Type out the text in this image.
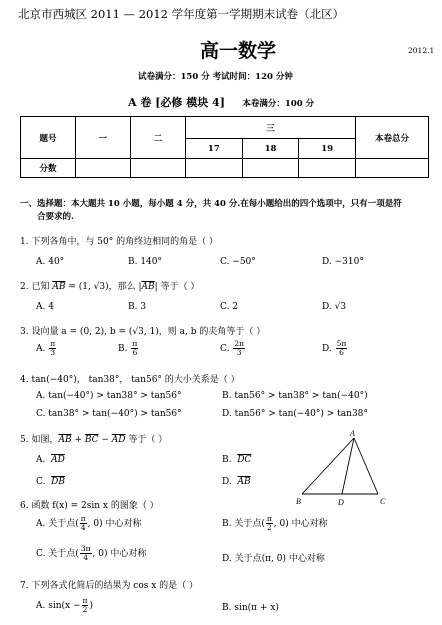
北京市西城区 2011 — 2012 学年度第一学期期末试卷（北区）
高一数学	2012.1
试卷满分：150 分 考试时间：120 分钟
A 卷 [必修 模块 4] 本卷满分：100 分
题号	一	二	三			本卷总分
			17	18	19	
分数						
一、选择题：本大题共 10 小题，每小题 4 分，共 40 分.在每小题给出的四个选项中，只有一项是符
合要求的.
1. 下列各角中，与 50° 的角终边相同的角是（ ）
A. 40°	B. 140°	C. −50°	D. −310°
2. 已知 $\overline{AB} = (1$, √3)，那么 $|\overline{AB}|$ 等于（ ）
A. 4	B. 3	C. 2	D. √3
3. 设向量 a = (0, 2), b = (√3, 1)，则 a, b 的夹角等于（ ）
A. $\frac{\pi}{3}$	B. $\frac{\pi}{6}$	C. $\frac{2\pi}{3}$	D. $\frac{5\pi}{6}$
4. tan(−40°)， tan38°， tan56° 的大小关系是（ ）
A. tan(−40°) > tan38° > tan56°	B. tan56° > tan38° > tan(−40°)
C. tan38° > tan(−40°) > tan56°	D. tan56° > tan(−40°) > tan38°
5. 如图，$\overline{AB} + \overline{BC} - \overline{AD}$ 等于（ ）
A. $\overline{AD}$	B. $\overline{DC}$
C. $\overline{DB}$	D. $\overline{AB}$
A
B	D	C
6. 函数 f(x) = 2sin x 的图象（ ）
A. 关于点( $\frac{\pi}{4}$ , 0) 中心对称	B. 关于点( $\frac{\pi}{2}$ , 0) 中心对称
C. 关于点( $\frac{3\pi}{4}$ , 0) 中心对称
D. 关于点(π, 0) 中心对称
7. 下列各式化简后的结果为 cos x 的是（ ）
A. $\sin(x - \frac{\pi}{2}$ )	B. sin(π + x)
